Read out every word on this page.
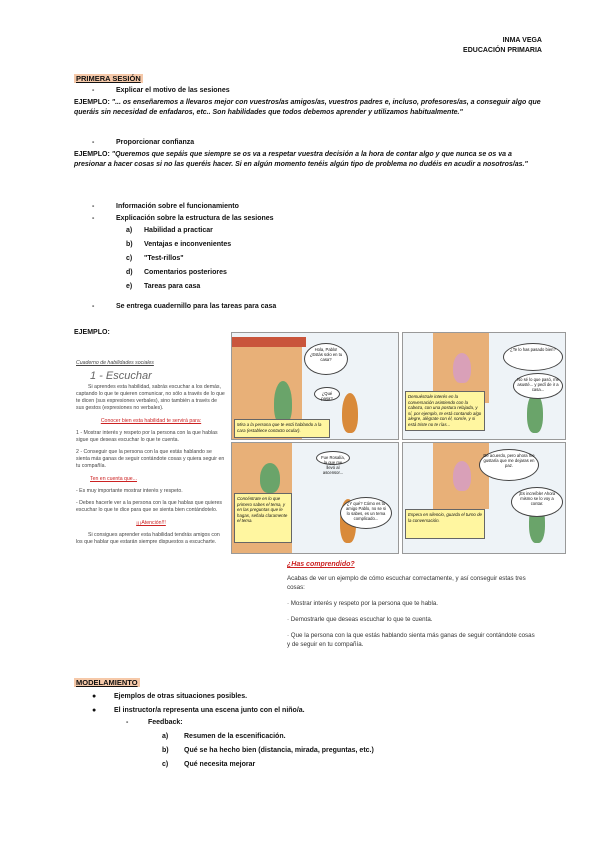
INMA VEGA
EDUCACIÓN PRIMARIA
PRIMERA SESIÓN
-	Explicar el motivo de las sesiones
EJEMPLO: "... os enseñaremos a llevaros mejor con vuestros/as amigos/as, vuestros padres e, incluso, profesores/as, a conseguir algo que queráis sin necesidad de enfadaros, etc.. Son habilidades que todos debemos aprender y utilizamos habitualmente."
-	Proporcionar confianza
EJEMPLO: "Queremos que sepáis que siempre se os va a respetar vuestra decisión a la hora de contar algo y que nunca se os va a presionar a hacer cosas si no las queréis hacer. Si en algún momento tenéis algún tipo de problema no dudéis en acudir a nosotros/as."
-	Información sobre el funcionamiento
-	Explicación sobre la estructura de las sesiones
a) Habilidad a practicar
b) Ventajas e inconvenientes
c) "Test-rillos"
d) Comentarios posteriores
e) Tareas para casa
-	Se entrega cuadernillo para las tareas para casa
EJEMPLO:
Cuaderno de habilidades sociales
1 - Escuchar
Si aprendes esta habilidad, sabrás escuchar a los demás, captando lo que te quieren comunicar, no sólo a través de lo que te dicen (sus expresiones verbales), sino también a través de sus gestos (expresiones no verbales).
Conocer bien esta habilidad te servirá para:
1 - Mostrar interés y respeto por la persona con la que hablas sigue que deseas escuchar lo que te cuenta.
2 - Conseguir que la persona con la que estás hablando se sienta más ganas de seguir contándote cosas y quiera seguir en tu compañía.
Ten en cuenta que...
- Es muy importante mostrar interés y respeto.
- Debes hacerle ver a la persona con la que hablas que quieres escuchar lo que te dice para que se sienta bien contándotelo.
¡¡¡Atención!!!
Si consigues aprender esta habilidad tendrás amigos con los que hablar que estarán siempre dispuestos a escucharte.
Hola, Pablo! ¿Estás solo en tu casa?
¿Qué pasa?
Mira a la persona que te está hablando a la cara (establece contacto ocular).
¿Te lo has pasado bien?
No sé lo que pasó, me asusté... y pedí de ir a casa...
Demuéstrale interés en la conversación asintiendo con la cabeza, con una postura relajada, y sí, por ejemplo, te está contando algo alegre, alégrate con él, sonríe, y si está triste no te rías...
Fue Rosalía, la que me llevó al ascensor...
¿Y qué? Cómo es tu amigo Pablo, no se si lo sabes, es un tema complicado...
Concéntrate en lo que primero sabes el tema, y en las preguntas que le hagas, señala claramente el tema.
De acuerdo, pero ahora me gustaría que me dejaras en paz.
¡Es increíble! Ahora mismo se lo voy a contar.
Espera en silencio, guarda el turno de la conversación.
¿Has comprendido?
Acabas de ver un ejemplo de cómo escuchar correctamente, y así conseguir estas tres cosas:
· Mostrar interés y respeto por la persona que te habla.
· Demostrarle que deseas escuchar lo que te cuenta.
· Que la persona con la que estás hablando sienta más ganas de seguir contándote cosas y de seguir en tu compañía.
MODELAMIENTO
●	Ejemplos de otras situaciones posibles.
●	El instructor/a representa una escena junto con el niño/a.
-	Feedback:
a) Resumen de la escenificación.
b) Qué se ha hecho bien (distancia, mirada, preguntas, etc.)
c) Qué necesita mejorar
